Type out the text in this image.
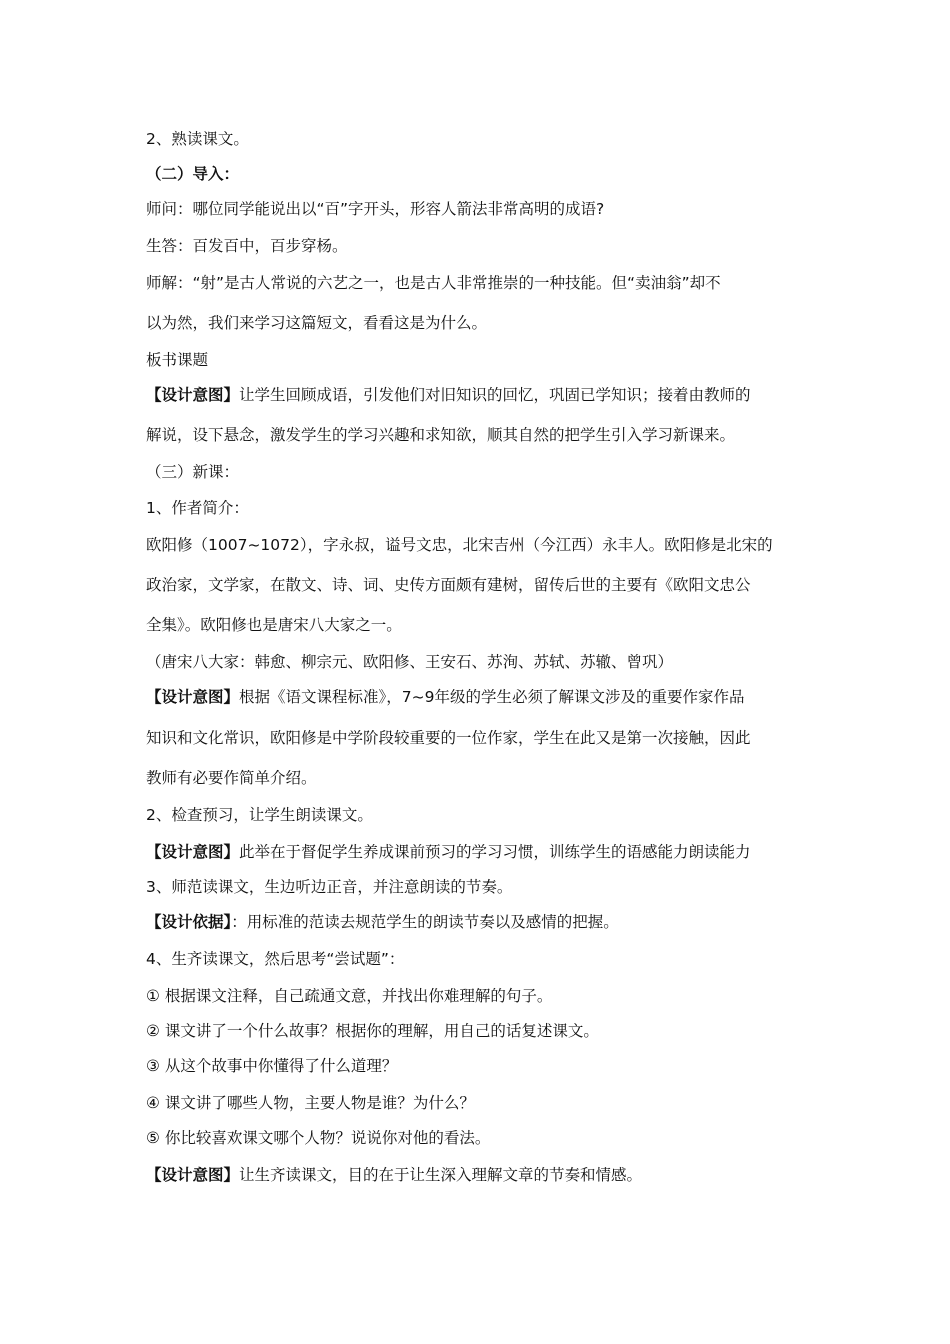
2、熟读课文。
（二）导入：
师问：哪位同学能说出以“百”字开头，形容人箭法非常高明的成语?
生答：百发百中，百步穿杨。
师解：“射”是古人常说的六艺之一，也是古人非常推崇的一种技能。但“卖油翁”却不
以为然，我们来学习这篇短文，看看这是为什么。
板书课题
【设计意图】让学生回顾成语，引发他们对旧知识的回忆，巩固已学知识；接着由教师的
解说，设下悬念，激发学生的学习兴趣和求知欲，顺其自然的把学生引入学习新课来。
（三）新课：
1、作者简介：
欧阳修（1007~1072），字永叔，谥号文忠，北宋吉州（今江西）永丰人。欧阳修是北宋的
政治家，文学家，在散文、诗、词、史传方面颇有建树，留传后世的主要有《欧阳文忠公
全集》。欧阳修也是唐宋八大家之一。
（唐宋八大家：韩愈、柳宗元、欧阳修、王安石、苏洵、苏轼、苏辙、曾巩）
【设计意图】根据《语文课程标准》，7~9年级的学生必须了解课文涉及的重要作家作品
知识和文化常识，欧阳修是中学阶段较重要的一位作家，学生在此又是第一次接触，因此
教师有必要作简单介绍。
2、检查预习，让学生朗读课文。
【设计意图】此举在于督促学生养成课前预习的学习习惯，训练学生的语感能力朗读能力
3、师范读课文，生边听边正音，并注意朗读的节奏。
【设计依据】：用标准的范读去规范学生的朗读节奏以及感情的把握。
4、生齐读课文，然后思考“尝试题”：
① 根据课文注释，自己疏通文意，并找出你难理解的句子。
② 课文讲了一个什么故事？根据你的理解，用自己的话复述课文。
③ 从这个故事中你懂得了什么道理？
④ 课文讲了哪些人物，主要人物是谁？为什么？
⑤ 你比较喜欢课文哪个人物？说说你对他的看法。
【设计意图】让生齐读课文，目的在于让生深入理解文章的节奏和情感。
